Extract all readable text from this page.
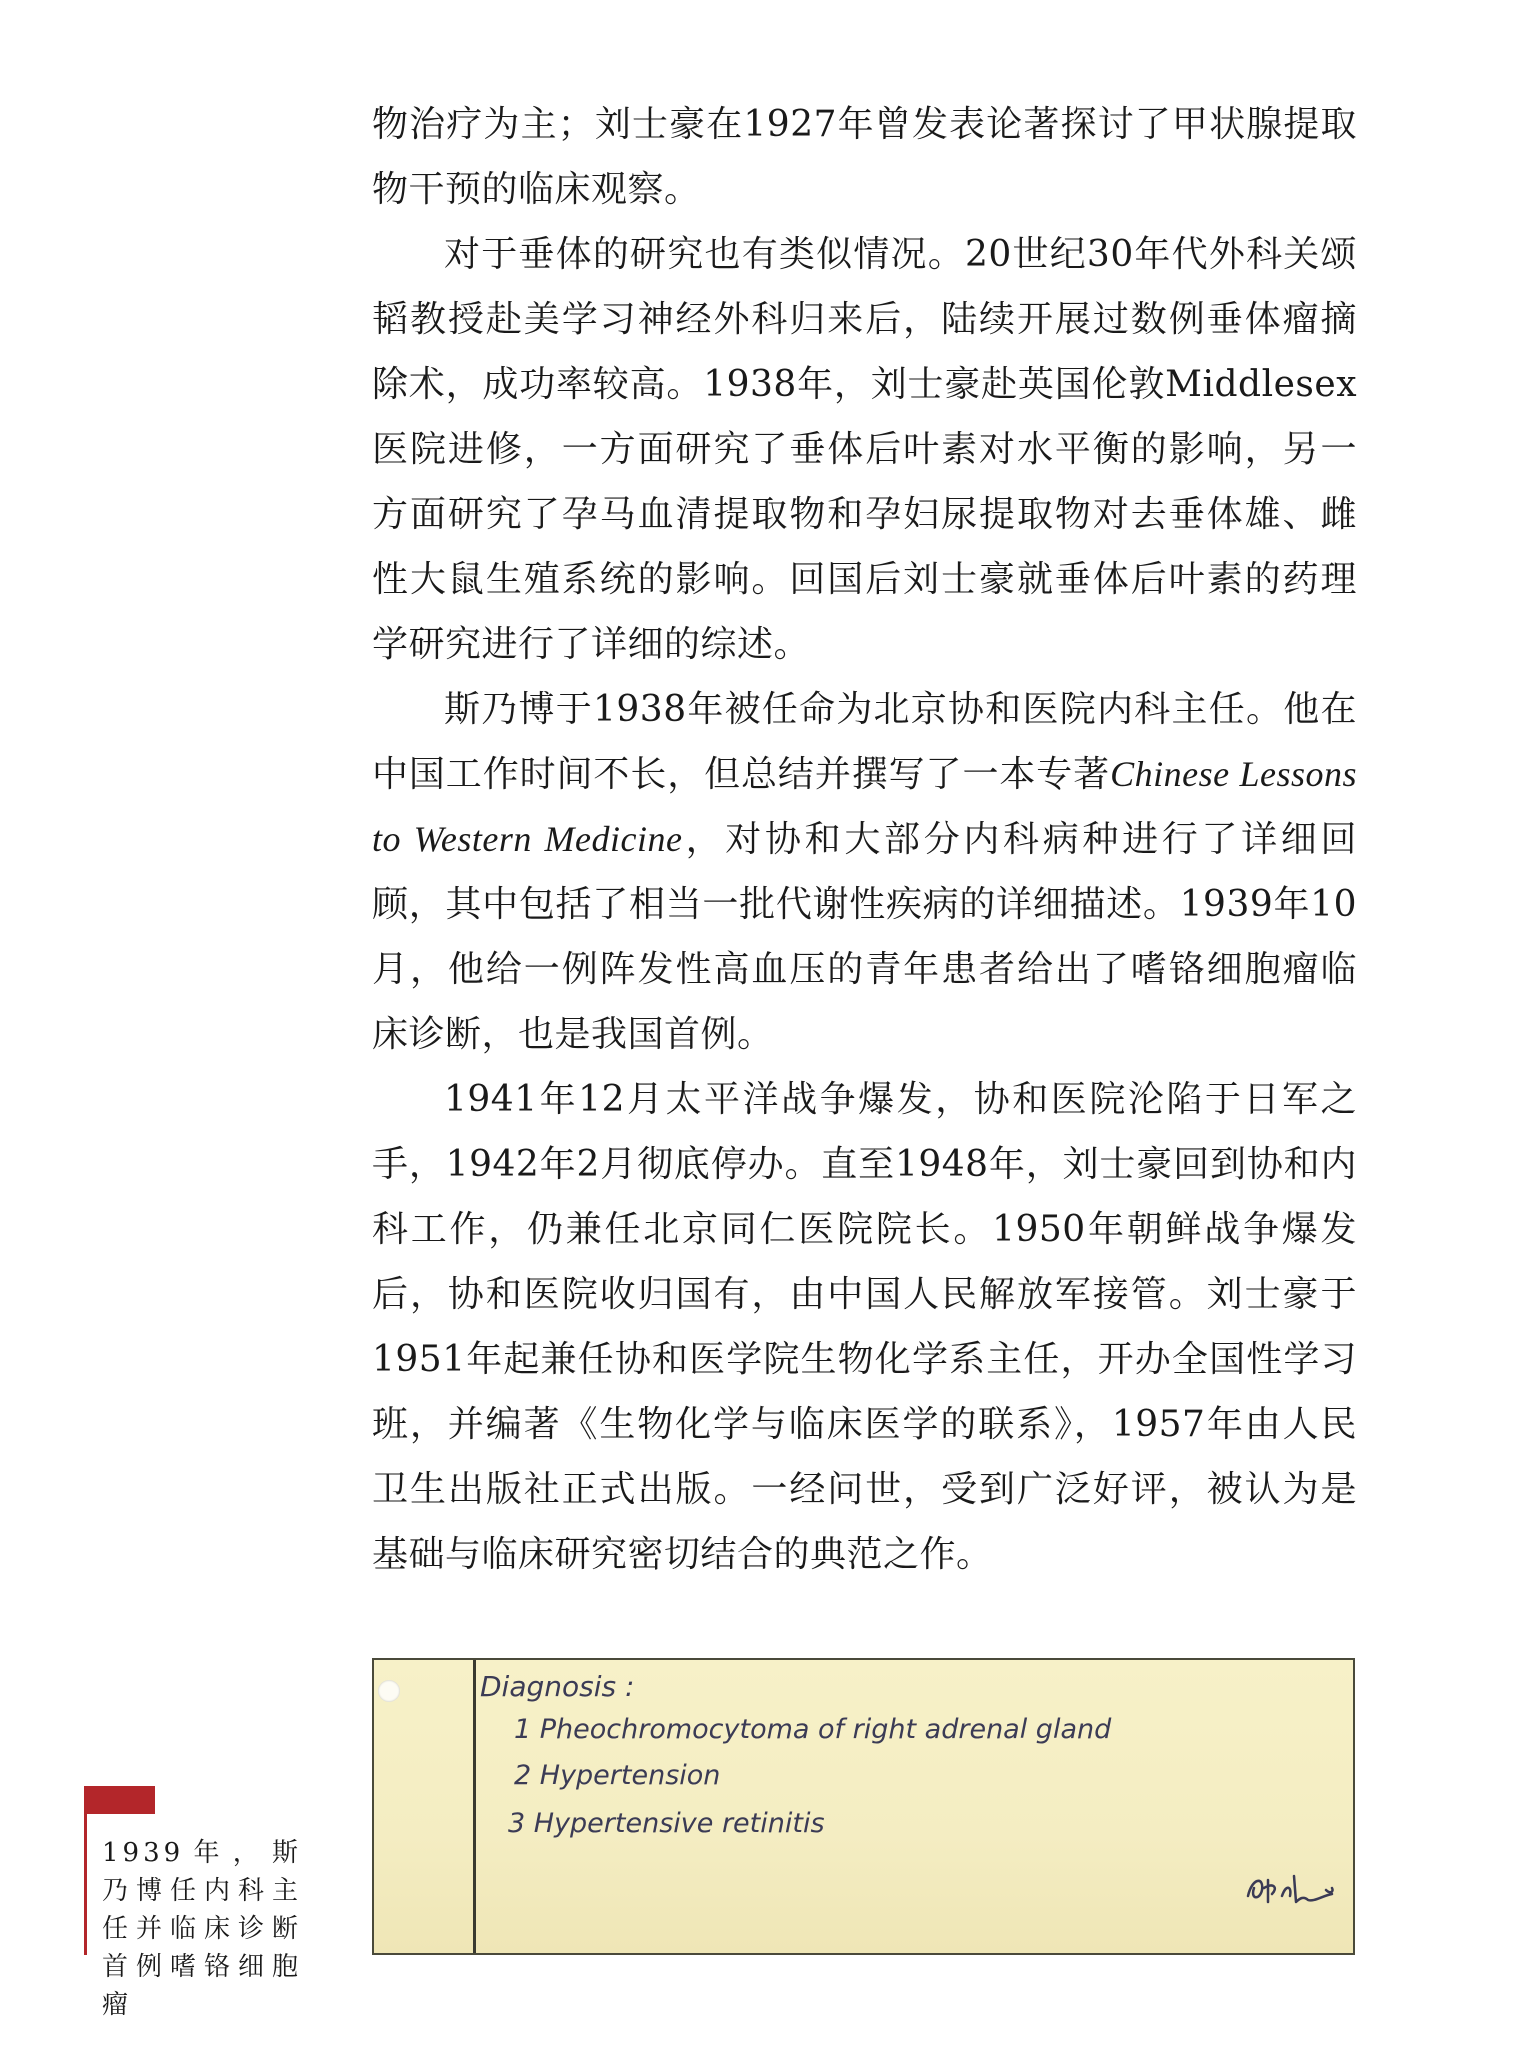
物治疗为主；刘士豪在1927年曾发表论著探讨了甲状腺提取物干预的临床观察。

对于垂体的研究也有类似情况。20世纪30年代外科关颂韬教授赴美学习神经外科归来后，陆续开展过数例垂体瘤摘除术，成功率较高。1938年，刘士豪赴英国伦敦Middlesex医院进修，一方面研究了垂体后叶素对水平衡的影响，另一方面研究了孕马血清提取物和孕妇尿提取物对去垂体雄、雌性大鼠生殖系统的影响。回国后刘士豪就垂体后叶素的药理学研究进行了详细的综述。

斯乃博于1938年被任命为北京协和医院内科主任。他在中国工作时间不长，但总结并撰写了一本专著Chinese Lessons to Western Medicine，对协和大部分内科病种进行了详细回顾，其中包括了相当一批代谢性疾病的详细描述。1939年10月，他给一例阵发性高血压的青年患者给出了嗜铬细胞瘤临床诊断，也是我国首例。

1941年12月太平洋战争爆发，协和医院沦陷于日军之手，1942年2月彻底停办。直至1948年，刘士豪回到协和内科工作，仍兼任北京同仁医院院长。1950年朝鲜战争爆发后，协和医院收归国有，由中国人民解放军接管。刘士豪于1951年起兼任协和医学院生物化学系主任，开办全国性学习班，并编著《生物化学与临床医学的联系》，1957年由人民卫生出版社正式出版。一经问世，受到广泛好评，被认为是基础与临床研究密切结合的典范之作。

Diagnosis :
1 Pheochromocytoma of right adrenal gland
2 Hypertension
3 Hypertensive retinitis
1939年，斯乃博任内科主任并临床诊断首例嗜铬细胞瘤
